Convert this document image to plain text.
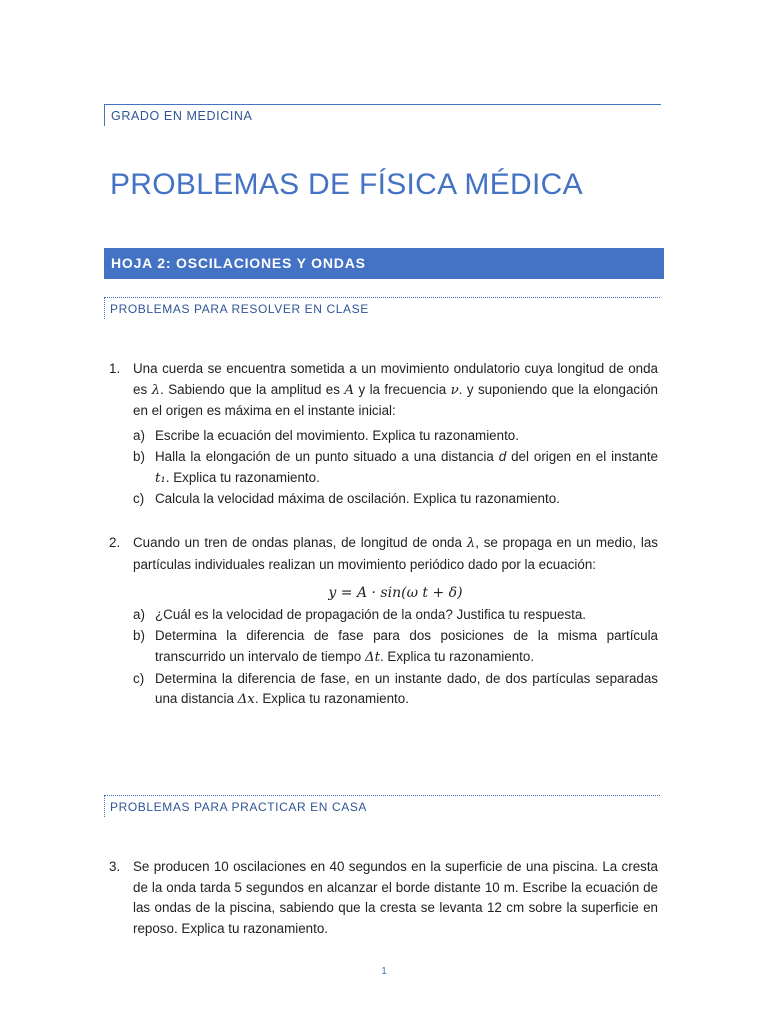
GRADO EN MEDICINA
PROBLEMAS DE FÍSICA MÉDICA
HOJA 2: OSCILACIONES Y ONDAS
PROBLEMAS PARA RESOLVER EN CLASE
1. Una cuerda se encuentra sometida a un movimiento ondulatorio cuya longitud de onda es λ. Sabiendo que la amplitud es A y la frecuencia ν. y suponiendo que la elongación en el origen es máxima en el instante inicial:
a) Escribe la ecuación del movimiento. Explica tu razonamiento.
b) Halla la elongación de un punto situado a una distancia d del origen en el instante t₁. Explica tu razonamiento.
c) Calcula la velocidad máxima de oscilación. Explica tu razonamiento.
2. Cuando un tren de ondas planas, de longitud de onda λ, se propaga en un medio, las partículas individuales realizan un movimiento periódico dado por la ecuación:
y = A · sin(ω t + δ)
a) ¿Cuál es la velocidad de propagación de la onda? Justifica tu respuesta.
b) Determina la diferencia de fase para dos posiciones de la misma partícula transcurrido un intervalo de tiempo Δt. Explica tu razonamiento.
c) Determina la diferencia de fase, en un instante dado, de dos partículas separadas una distancia Δx. Explica tu razonamiento.
PROBLEMAS PARA PRACTICAR EN CASA
3. Se producen 10 oscilaciones en 40 segundos en la superficie de una piscina. La cresta de la onda tarda 5 segundos en alcanzar el borde distante 10 m. Escribe la ecuación de las ondas de la piscina, sabiendo que la cresta se levanta 12 cm sobre la superficie en reposo. Explica tu razonamiento.
1
